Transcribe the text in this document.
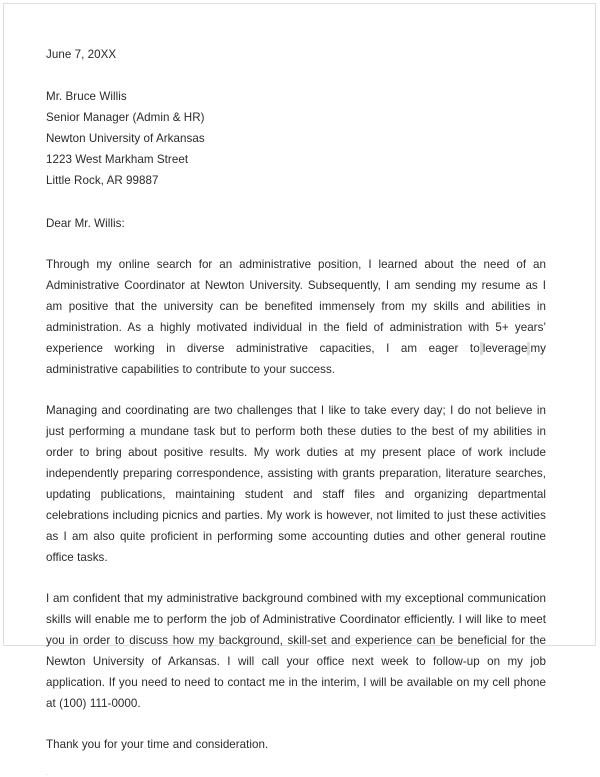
June 7, 20XX
Mr. Bruce Willis
Senior Manager (Admin & HR)
Newton University of Arkansas
1223 West Markham Street
Little Rock, AR 99887
Dear Mr. Willis:

Through my online search for an administrative position, I learned about the need of an Administrative Coordinator at Newton University. Subsequently, I am sending my resume as I am positive that the university can be benefited immensely from my skills and abilities in administration. As a highly motivated individual in the field of administration with 5+ years’ experience working in diverse administrative capacities, I am eager to leverage my administrative capabilities to contribute to your success.

Managing and coordinating are two challenges that I like to take every day; I do not believe in just performing a mundane task but to perform both these duties to the best of my abilities in order to bring about positive results. My work duties at my present place of work include independently preparing correspondence, assisting with grants preparation, literature searches, updating publications, maintaining student and staff files and organizing departmental celebrations including picnics and parties. My work is however, not limited to just these activities as I am also quite proficient in performing some accounting duties and other general routine office tasks.

I am confident that my administrative background combined with my exceptional communication skills will enable me to perform the job of Administrative Coordinator efficiently. I will like to meet you in order to discuss how my background, skill-set and experience can be beneficial for the Newton University of Arkansas. I will call your office next week to follow-up on my job application. If you need to need to contact me in the interim, I will be available on my cell phone at (100) 111-0000.

Thank you for your time and consideration.

.
